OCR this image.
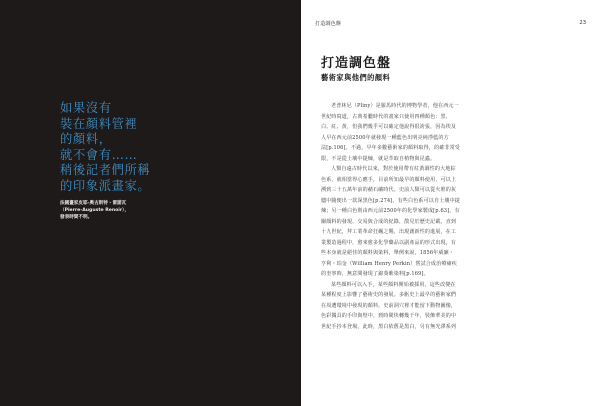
如果沒有
裝在顏料管裡
的顏料，
就不會有……
稍後記者們所稱
的印象派畫家。
法國畫家皮耶-奧古斯特・雷諾瓦
（Pierre-Auguste Renoir），
發表時間不明。
打造調色盤	23
打造調色盤
藝術家與他們的顏料
老普林尼（Pliny）是羅馬時代的博物學者，他在西元一
世紀時寫道，古典希臘時代的畫家只使用四種顏色：黑、
白、紅、黃，但我們幾乎可以確定他說得很誇張，因為埃及
人早在西元前2500年就發現一種藍色出明亮純淨藍的方
法[p.106]。不過，早年多數藝術家的顏料取得，的確非常受
限，不是從土壤中提煉，就是萃取自植物與昆蟲。
人類自遠古時代以來，對於使用帶有紅黃調性的大地棕
色系，就相當得心應手，目前所知最早的顏料使用，可以上
溯到三十五萬年前的赭石礦時代。史前人類可以從火堆的灰
燼中隨便出一款深黑色[p.274]，有些白色系可以自土壤中提
煉；另一種白色則由西元前2500年的化學家製成[p.63]，有
關顏料的發現、交易與合成的紀錄，散見於歷史記載，直到
十九世紀，拜工業革命狂飆之賜，出現創新性的進展，在工
業製造過程中，愈來愈多化學藥品以副產品的形式出現，有
些本身就是絕佳的顏料與染料，舉例來說，1856年威廉・
亨利・珀金（William Henry Perkin）嘗試合成治療瘧疾
的奎寧時，無意間發現了錦葵紫染料[p.169]。
某些顏料可以入手，某些顏料開始被採用，這些改變在
某種程度上影響了藝術史的發展。多虧史上最早的藝術家們
在周遭環境中發現的顏料，史前洞穴裡才能留下動物圖像，
色彩獨具的手印與壁中，到時間快轉幾千年，裝飾華美的中
世紀手抄本登場，此時，黑白依舊是黑白，另有無光澤系列
